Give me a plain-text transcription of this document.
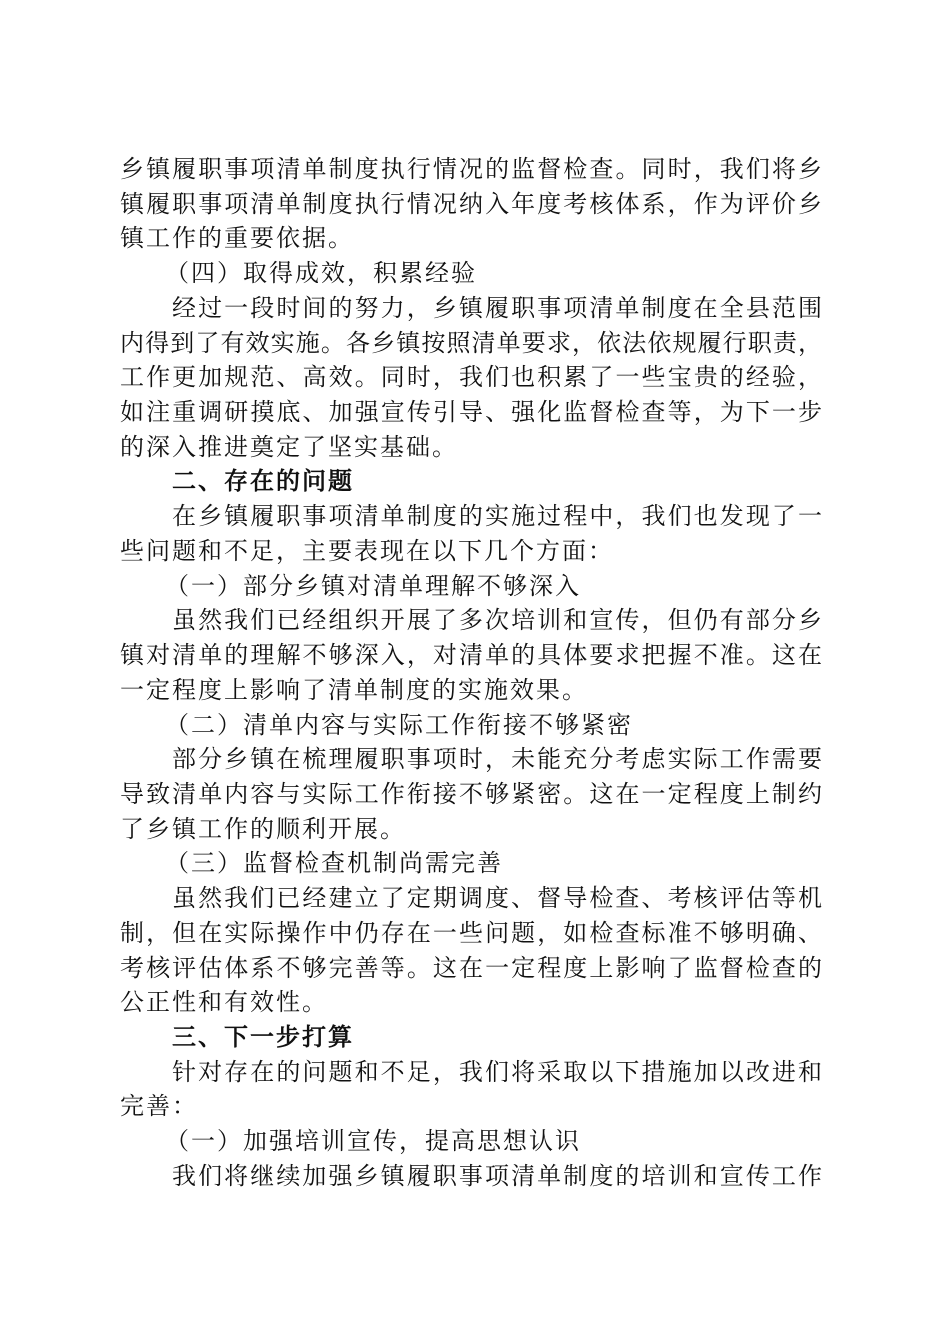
乡镇履职事项清单制度执行情况的监督检查。同时，我们将乡
镇履职事项清单制度执行情况纳入年度考核体系，作为评价乡
镇工作的重要依据。
（四）取得成效，积累经验
经过一段时间的努力，乡镇履职事项清单制度在全县范围
内得到了有效实施。各乡镇按照清单要求，依法依规履行职责，
工作更加规范、高效。同时，我们也积累了一些宝贵的经验，
如注重调研摸底、加强宣传引导、强化监督检查等，为下一步
的深入推进奠定了坚实基础。
二、存在的问题
在乡镇履职事项清单制度的实施过程中，我们也发现了一
些问题和不足，主要表现在以下几个方面：
（一）部分乡镇对清单理解不够深入
虽然我们已经组织开展了多次培训和宣传，但仍有部分乡
镇对清单的理解不够深入，对清单的具体要求把握不准。这在
一定程度上影响了清单制度的实施效果。
（二）清单内容与实际工作衔接不够紧密
部分乡镇在梳理履职事项时，未能充分考虑实际工作需要
导致清单内容与实际工作衔接不够紧密。这在一定程度上制约
了乡镇工作的顺利开展。
（三）监督检查机制尚需完善
虽然我们已经建立了定期调度、督导检查、考核评估等机
制，但在实际操作中仍存在一些问题，如检查标准不够明确、
考核评估体系不够完善等。这在一定程度上影响了监督检查的
公正性和有效性。
三、下一步打算
针对存在的问题和不足，我们将采取以下措施加以改进和
完善：
（一）加强培训宣传，提高思想认识
我们将继续加强乡镇履职事项清单制度的培训和宣传工作
